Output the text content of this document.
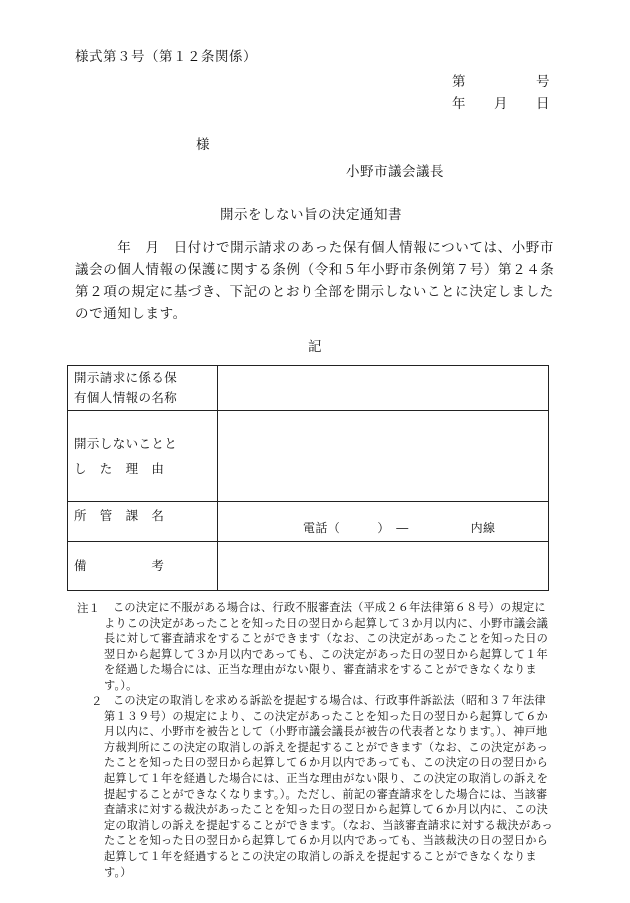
様式第３号（第１２条関係）
第　　　　　号
年　　月　　日
様
小野市議会議長
開示をしない旨の決定通知書
　　　年　月　日付けで開示請求のあった保有個人情報については、小野市議会の個人情報の保護に関する条例（令和５年小野市条例第７号）第２４条第２項の規定に基づき、下記のとおり全部を開示しないことに決定しましたので通知します。
記
開示請求に係る保
有個人情報の名称	

開示しないことと
し　た　理　由	

所　管　課　名	電話（　　　）　―　　　　　内線

備　　　　　考	

注１	この決定に不服がある場合は、行政不服審査法（平成２６年法律第６８号）の規定によりこの決定があったことを知った日の翌日から起算して３か月以内に、小野市議会議長に対して審査請求をすることができます（なお、この決定があったことを知った日の翌日から起算して３か月以内であっても、この決定があった日の翌日から起算して１年を経過した場合には、正当な理由がない限り、審査請求をすることができなくなります。）。
２ この決定の取消しを求める訴訟を提起する場合は、行政事件訴訟法（昭和３７年法律第１３９号）の規定により、この決定があったことを知った日の翌日から起算して６か月以内に、小野市を被告として（小野市議会議長が被告の代表者となります。）、神戸地方裁判所にこの決定の取消しの訴えを提起することができます（なお、この決定があったことを知った日の翌日から起算して６か月以内であっても、この決定の日の翌日から起算して１年を経過した場合には、正当な理由がない限り、この決定の取消しの訴えを提起することができなくなります。）。ただし、前記の審査請求をした場合には、当該審査請求に対する裁決があったことを知った日の翌日から起算して６か月以内に、この決定の取消しの訴えを提起することができます。（なお、当該審査請求に対する裁決があったことを知った日の翌日から起算して６か月以内であっても、当該裁決の日の翌日から起算して１年を経過するとこの決定の取消しの訴えを提起することができなくなります。）
